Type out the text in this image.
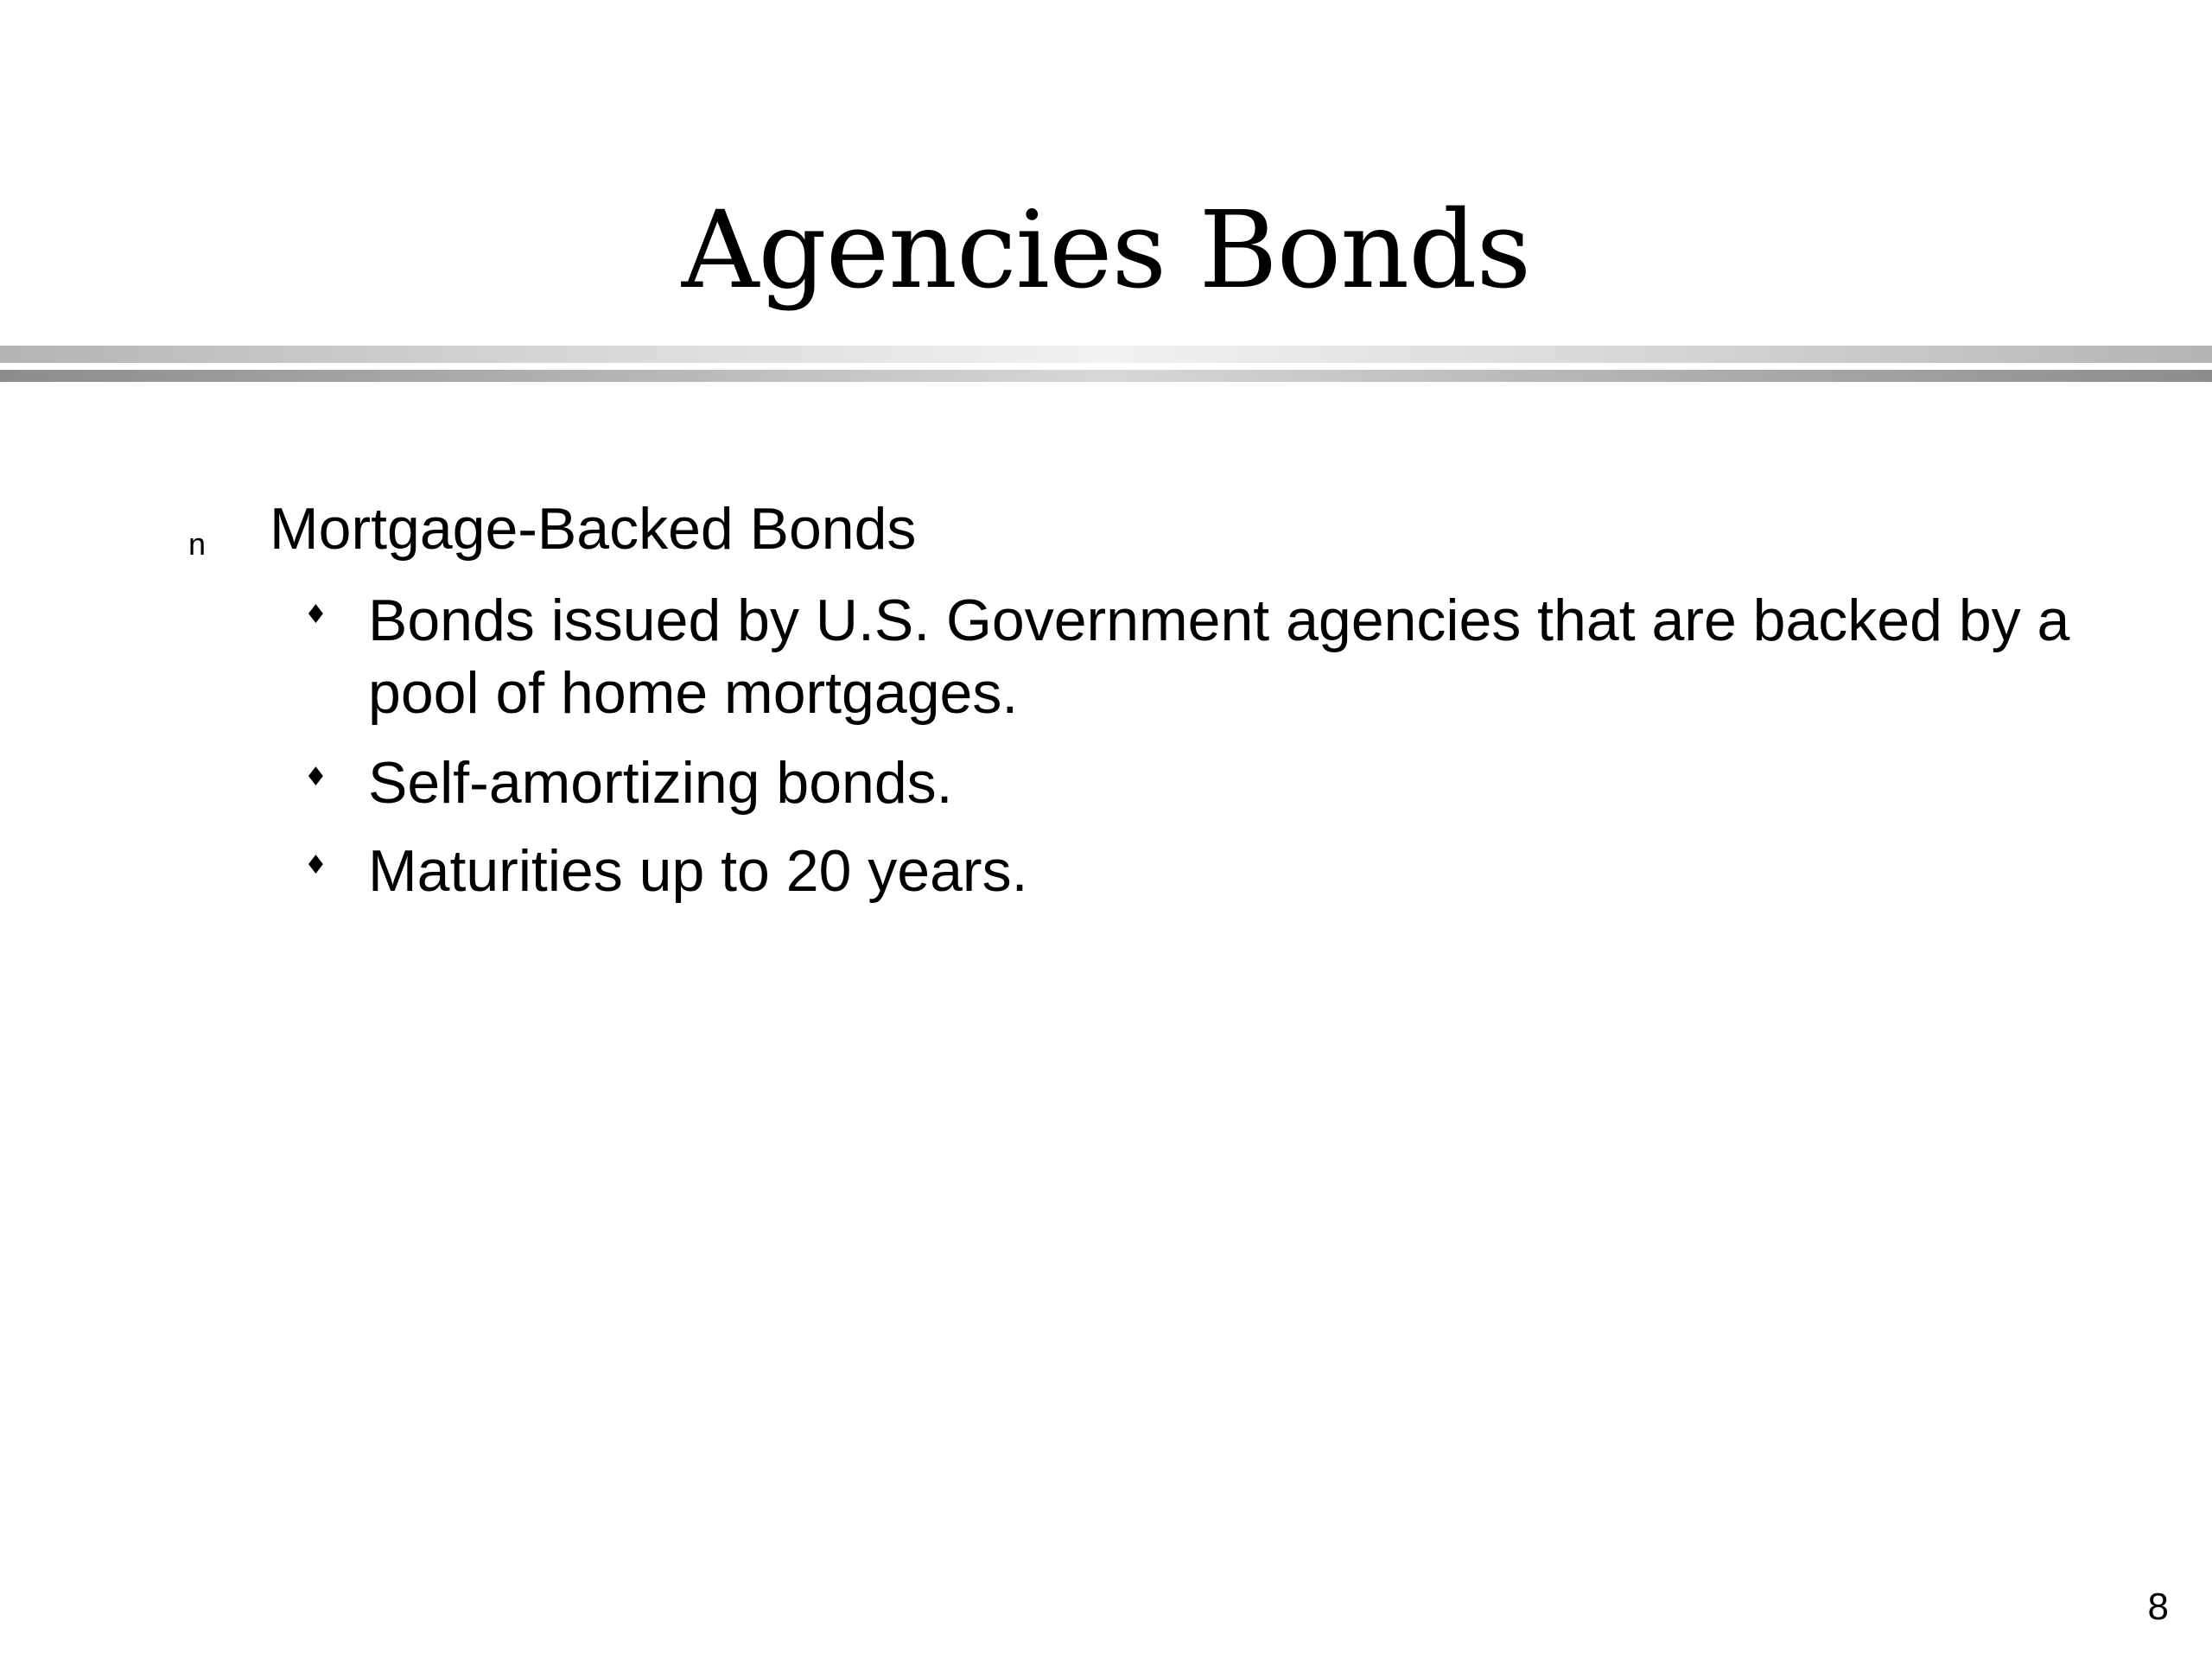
Agencies Bonds
n Mortgage-Backed Bonds
♦ Bonds issued by U.S. Government agencies that are backed by a pool of home mortgages.
♦ Self-amortizing bonds.
♦ Maturities up to 20 years.
8
